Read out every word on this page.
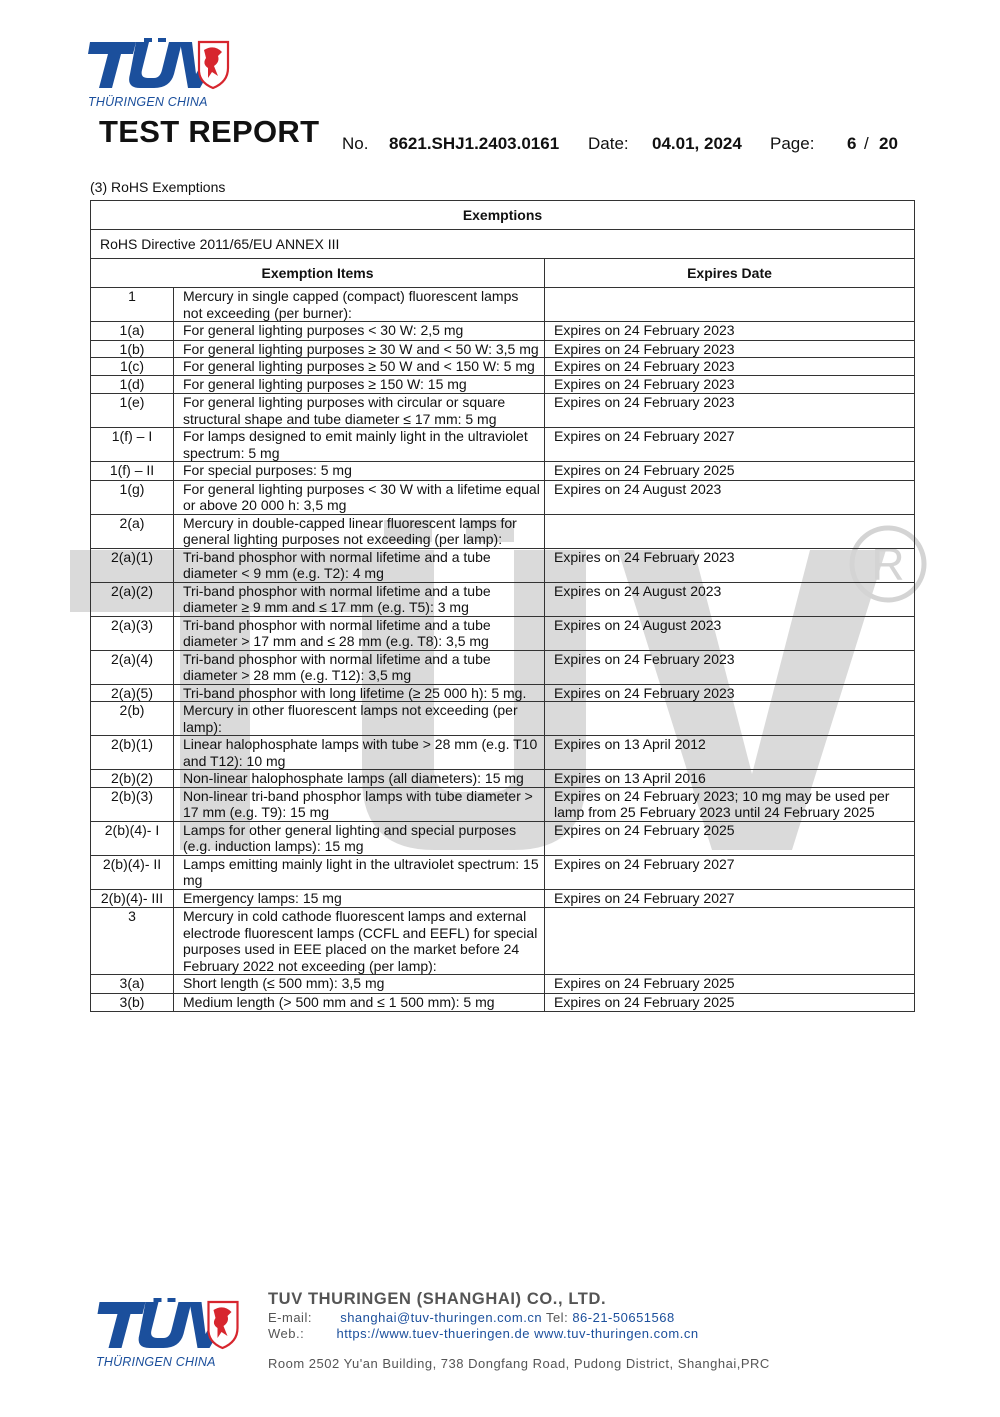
R
THÜRINGEN CHINA
TEST REPORT No. 8621.SHJ1.2403.0161 Date: 04.01, 2024 Page: 6 / 20
(3) RoHS Exemptions
Exemptions		
RoHS Directive 2011/65/EU ANNEX III		
Exemption Items		Expires Date
1	Mercury in single capped (compact) fluorescent lamps not exceeding (per burner):	
1(a)	For general lighting purposes < 30 W: 2,5 mg	Expires on 24 February 2023
1(b)	For general lighting purposes ≥ 30 W and < 50 W: 3,5 mg	Expires on 24 February 2023
1(c)	For general lighting purposes ≥ 50 W and < 150 W: 5 mg	Expires on 24 February 2023
1(d)	For general lighting purposes ≥ 150 W: 15 mg	Expires on 24 February 2023
1(e)	For general lighting purposes with circular or square structural shape and tube diameter ≤ 17 mm: 5 mg	Expires on 24 February 2023
1(f) – I	For lamps designed to emit mainly light in the ultraviolet spectrum: 5 mg	Expires on 24 February 2027
1(f) – II	For special purposes: 5 mg	Expires on 24 February 2025
1(g)	For general lighting purposes < 30 W with a lifetime equal or above 20 000 h: 3,5 mg	Expires on 24 August 2023
2(a)	Mercury in double-capped linear fluorescent lamps for general lighting purposes not exceeding (per lamp):	
2(a)(1)	Tri-band phosphor with normal lifetime and a tube diameter < 9 mm (e.g. T2): 4 mg	Expires on 24 February 2023
2(a)(2)	Tri-band phosphor with normal lifetime and a tube diameter ≥ 9 mm and ≤ 17 mm (e.g. T5): 3 mg	Expires on 24 August 2023
2(a)(3)	Tri-band phosphor with normal lifetime and a tube diameter > 17 mm and ≤ 28 mm (e.g. T8): 3,5 mg	Expires on 24 August 2023
2(a)(4)	Tri-band phosphor with normal lifetime and a tube diameter > 28 mm (e.g. T12): 3,5 mg	Expires on 24 February 2023
2(a)(5)	Tri-band phosphor with long lifetime (≥ 25 000 h): 5 mg.	Expires on 24 February 2023
2(b)	Mercury in other fluorescent lamps not exceeding (per lamp):	
2(b)(1)	Linear halophosphate lamps with tube > 28 mm (e.g. T10 and T12): 10 mg	Expires on 13 April 2012
2(b)(2)	Non-linear halophosphate lamps (all diameters): 15 mg	Expires on 13 April 2016
2(b)(3)	Non-linear tri-band phosphor lamps with tube diameter > 17 mm (e.g. T9): 15 mg	Expires on 24 February 2023; 10 mg may be used per lamp from 25 February 2023 until 24 February 2025
2(b)(4)- I	Lamps for other general lighting and special purposes (e.g. induction lamps): 15 mg	Expires on 24 February 2025
2(b)(4)- II	Lamps emitting mainly light in the ultraviolet spectrum: 15 mg	Expires on 24 February 2027
2(b)(4)- III	Emergency lamps: 15 mg	Expires on 24 February 2027
3	Mercury in cold cathode fluorescent lamps and external electrode fluorescent lamps (CCFL and EEFL) for special purposes used in EEE placed on the market before 24 February 2022 not exceeding (per lamp):	
3(a)	Short length (≤ 500 mm): 3,5 mg	Expires on 24 February 2025
3(b)	Medium length (> 500 mm and ≤ 1 500 mm): 5 mg	Expires on 24 February 2025
THÜRINGEN CHINA
TUV THURINGEN (SHANGHAI) CO., LTD.
E-mail: shanghai@tuv-thuringen.com.cn Tel: 86-21-50651568
Web.: https://www.tuev-thueringen.de www.tuv-thuringen.com.cn
Room 2502 Yu'an Building, 738 Dongfang Road, Pudong District, Shanghai,PRC
